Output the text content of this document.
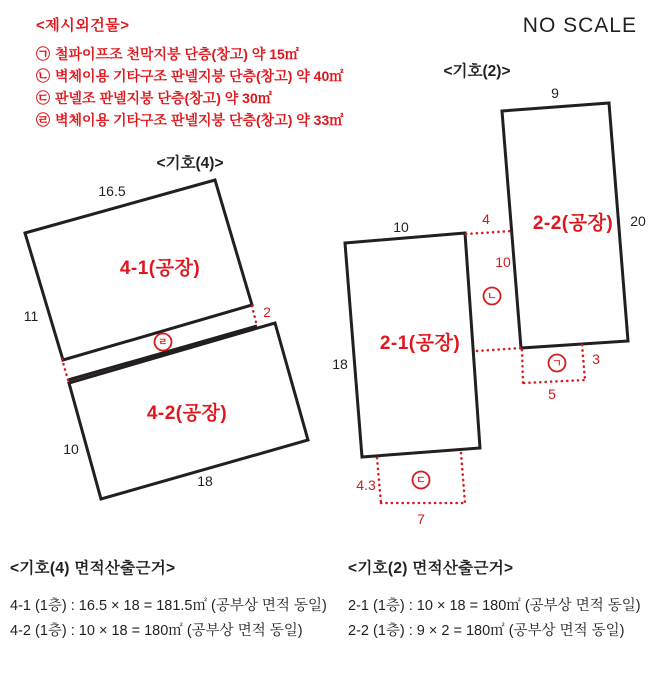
<제시외건물>
㉠ 철파이프조 천막지붕 단층(창고) 약 15㎡
㉡ 벽체이용 기타구조 판넬지붕 단층(창고) 약 40㎡
㉢ 판넬조 판넬지붕 단층(창고) 약 30㎡
㉣ 벽체이용 기타구조 판넬지붕 단층(창고) 약 33㎡
NO SCALE
<기호(4)>
4-1(공장)
16.5
11
ㄹ
2
4-2(공장)
10
18
<기호(2)>
2-2(공장)
9
20
2-1(공장)
10
18
4
10
ㄴ
ㄱ 3
5
ㄷ
4.3
7
<기호(4) 면적산출근거>
4-1 (1층) : 16.5 × 18 = 181.5㎡ (공부상 면적 동일)
4-2 (1층) : 10 × 18 = 180㎡ (공부상 면적 동일)
<기호(2) 면적산출근거>
2-1 (1층) : 10 × 18 = 180㎡ (공부상 면적 동일)
2-2 (1층) : 9 × 2 = 180㎡ (공부상 면적 동일)
